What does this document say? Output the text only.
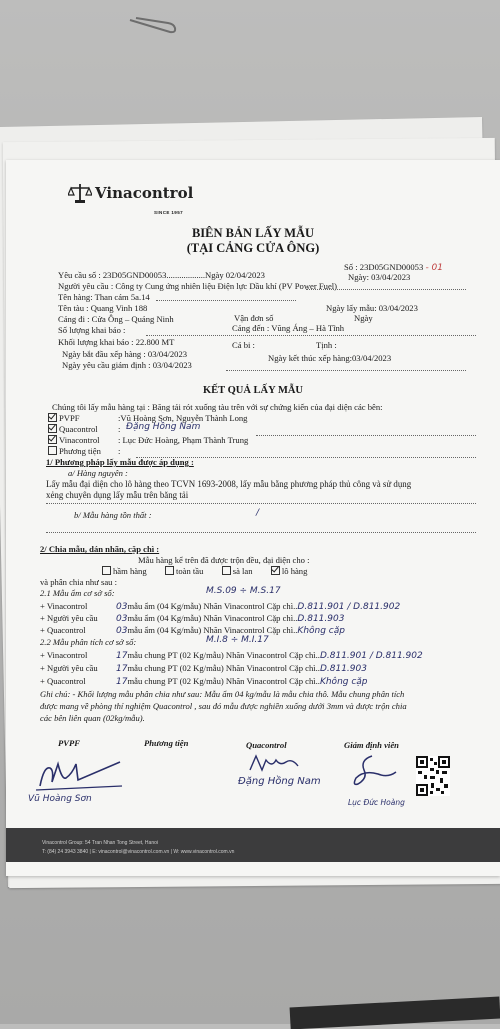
Vinacontrol
SINCE 1957
BIÊN BẢN LẤY MẪU
(TẠI CẢNG CỬA ÔNG)
Số : 23D05GND00053 - 01
Ngày: 03/04/2023
Yêu cầu số : 23D05GND00053..................Ngày 02/04/2023
Người yêu cầu : Công ty Cung ứng nhiên liệu Điện lực Dầu khí (PV Power Fuel)
Tên hàng: Than cám 5a.14
Tên tàu : Quang Vinh 188	Ngày lấy mẫu: 03/04/2023
Vận đơn số	Ngày
Cảng đi : Cửa Ông – Quảng Ninh
Cảng đến : Vũng Áng – Hà Tĩnh
Số lượng khai báo :
Khối lượng khai báo : 22.800 MT	Cá bi :	Tịnh :
Ngày bắt đầu xếp hàng : 03/04/2023	Ngày kết thúc xếp hàng:03/04/2023
Ngày yêu cầu giám định : 03/04/2023
KẾT QUẢ LẤY MẪU
Chúng tôi lấy mẫu hàng tại : Băng tải rót xuống tàu trên với sự chứng kiến của đại diện các bên:
PVPF	:Vũ Hoàng Sơn, Nguyễn Thành Long
Quacontrol : Đặng Hồng Nam
Vinacontrol : Lục Đức Hoàng, Phạm Thành Trung
Phương tiện :
1/ Phương pháp lấy mẫu được áp dụng :
a/ Hàng nguyên :
Lấy mẫu đại diện cho lô hàng theo TCVN 1693-2008, lấy mẫu bằng phương pháp thủ công và sử dụng
xẻng chuyên dụng lấy mẫu trên băng tải
b/ Mẫu hàng tồn thất :	/
2/ Chia mẫu, dán nhãn, cặp chì :
Mẫu hàng kể trên đã được trộn đều, đại diện cho :
hầm hàng	toàn tầu	sà lan	lô hàng
và phân chia như sau :
2.1 Mẫu ẩm cơ sở số:	M.S.09 ÷ M.S.17
+ Vinacontrol	03mẫu ẩm (04 Kg/mẫu) Nhãn Vinacontrol Cặp chì..D.811.901 / D.811.902
+ Người yêu cầu 03mẫu ẩm (04 Kg/mẫu) Nhãn Vinacontrol Cặp chì..D.811.903
+ Quacontrol	03mẫu ẩm (04 Kg/mẫu) Nhãn Vinacontrol Cặp chì..Không cặp
2.2 Mẫu phân tích cơ sở số:	M.I.8 ÷ M.I.17
+ Vinacontrol	17mẫu chung PT (02 Kg/mẫu) Nhãn Vinacontrol Cặp chì..D.811.901 / D.811.902
+ Người yêu cầu 17mẫu chung PT (02 Kg/mẫu) Nhãn Vinacontrol Cặp chì..D.811.903
+ Quacontrol	17mẫu chung PT (02 Kg/mẫu) Nhãn Vinacontrol Cặp chì..Không cặp
Ghi chú: - Khối lượng mẫu phân chia như sau: Mẫu ẩm 04 kg/mẫu là mẫu chia thô. Mẫu chung phân tích
được mang về phòng thí nghiệm Quacontrol , sau đó mẫu được nghiền xuống dưới 3mm và được trộn chia
các bên liên quan (02kg/mẫu).
PVPF	Phương tiện	Quacontrol	Giám định viên
Vũ Hoàng Sơn
Đặng Hồng Nam
Lục Đức Hoàng
Vinacontrol Group: 54 Tran Nhan Tong Street, Hanoi
T: (84) 24 3943 3840 | E: vinacontrol@vinacontrol.com.vn | W: www.vinacontrol.com.vn
